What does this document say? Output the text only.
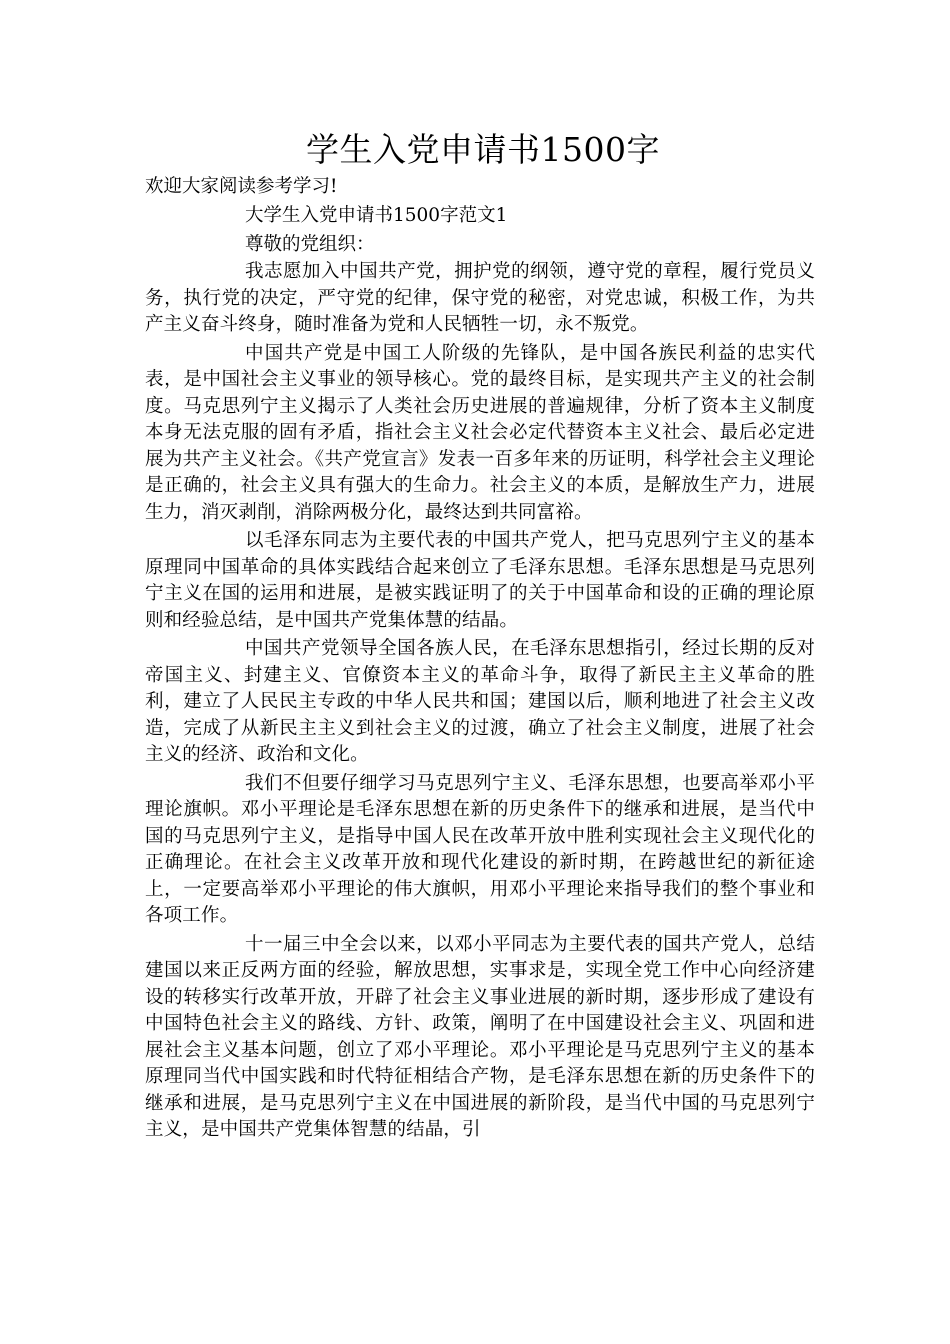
学生入党申请书1500字

欢迎大家阅读参考学习!

大学生入党申请书1500字范文1

尊敬的党组织：

我志愿加入中国共产党，拥护党的纲领，遵守党的章程，履行党员义务，执行党的决定，严守党的纪律，保守党的秘密，对党忠诚，积极工作，为共产主义奋斗终身，随时准备为党和人民牺牲一切，永不叛党。

中国共产党是中国工人阶级的先锋队，是中国各族民利益的忠实代表，是中国社会主义事业的领导核心。党的最终目标，是实现共产主义的社会制度。马克思列宁主义揭示了人类社会历史进展的普遍规律，分析了资本主义制度本身无法克服的固有矛盾，指社会主义社会必定代替资本主义社会、最后必定进展为共产主义社会。《共产党宣言》发表一百多年来的历证明，科学社会主义理论是正确的，社会主义具有强大的生命力。社会主义的本质，是解放生产力，进展生力，消灭剥削，消除两极分化，最终达到共同富裕。

以毛泽东同志为主要代表的中国共产党人，把马克思列宁主义的基本原理同中国革命的具体实践结合起来创立了毛泽东思想。毛泽东思想是马克思列宁主义在国的运用和进展，是被实践证明了的关于中国革命和设的正确的理论原则和经验总结，是中国共产党集体慧的结晶。

中国共产党领导全国各族人民，在毛泽东思想指引，经过长期的反对帝国主义、封建主义、官僚资本主义的革命斗争，取得了新民主主义革命的胜利，建立了人民民主专政的中华人民共和国；建国以后，顺利地进了社会主义改造，完成了从新民主主义到社会主义的过渡，确立了社会主义制度，进展了社会主义的经济、政治和文化。

我们不但要仔细学习马克思列宁主义、毛泽东思想，也要高举邓小平理论旗帜。邓小平理论是毛泽东思想在新的历史条件下的继承和进展，是当代中国的马克思列宁主义，是指导中国人民在改革开放中胜利实现社会主义现代化的正确理论。在社会主义改革开放和现代化建设的新时期，在跨越世纪的新征途上，一定要高举邓小平理论的伟大旗帜，用邓小平理论来指导我们的整个事业和各项工作。

十一届三中全会以来，以邓小平同志为主要代表的国共产党人，总结建国以来正反两方面的经验，解放思想，实事求是，实现全党工作中心向经济建设的转移实行改革开放，开辟了社会主义事业进展的新时期，逐步形成了建设有中国特色社会主义的路线、方针、政策，阐明了在中国建设社会主义、巩固和进展社会主义基本问题，创立了邓小平理论。邓小平理论是马克思列宁主义的基本原理同当代中国实践和时代特征相结合产物，是毛泽东思想在新的历史条件下的继承和进展，是马克思列宁主义在中国进展的新阶段，是当代中国的马克思列宁主义，是中国共产党集体智慧的结晶，引
